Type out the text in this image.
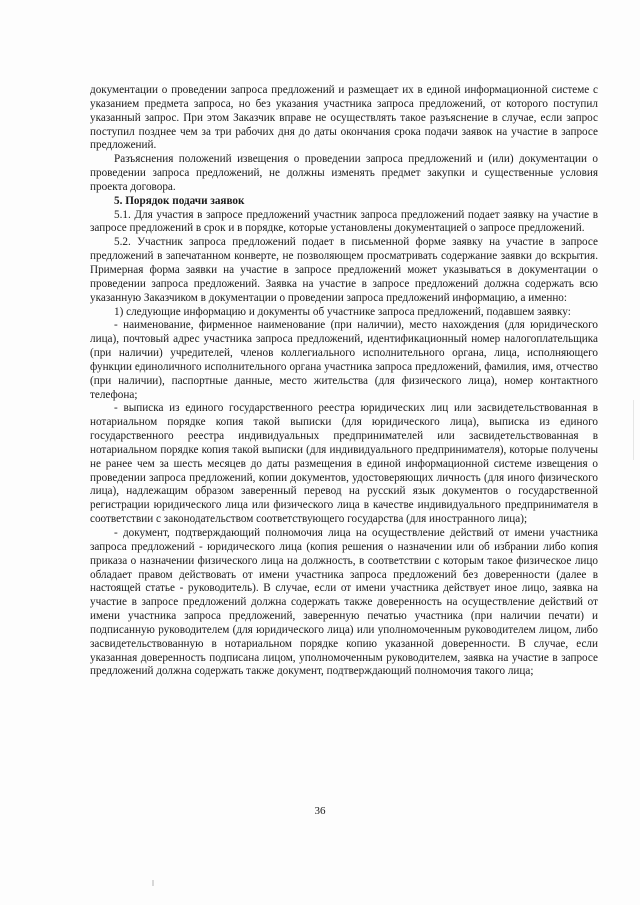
документации о проведении запроса предложений и размещает их в единой информационной системе с указанием предмета запроса, но без указания участника запроса предложений, от которого поступил указанный запрос. При этом Заказчик вправе не осуществлять такое разъяснение в случае, если запрос поступил позднее чем за три рабочих дня до даты окончания срока подачи заявок на участие в запросе предложений.

Разъяснения положений извещения о проведении запроса предложений и (или) документации о проведении запроса предложений, не должны изменять предмет закупки и существенные условия проекта договора.

5. Порядок подачи заявок

5.1. Для участия в запросе предложений участник запроса предложений подает заявку на участие в запросе предложений в срок и в порядке, которые установлены документацией о запросе предложений.

5.2. Участник запроса предложений подает в письменной форме заявку на участие в запросе предложений в запечатанном конверте, не позволяющем просматривать содержание заявки до вскрытия. Примерная форма заявки на участие в запросе предложений может указываться в документации о проведении запроса предложений. Заявка на участие в запросе предложений должна содержать всю указанную Заказчиком в документации о проведении запроса предложений информацию, а именно:

1) следующие информацию и документы об участнике запроса предложений, подавшем заявку:

- наименование, фирменное наименование (при наличии), место нахождения (для юридического лица), почтовый адрес участника запроса предложений, идентификационный номер налогоплательщика (при наличии) учредителей, членов коллегиального исполнительного органа, лица, исполняющего функции единоличного исполнительного органа участника запроса предложений, фамилия, имя, отчество (при наличии), паспортные данные, место жительства (для физического лица), номер контактного телефона;

- выписка из единого государственного реестра юридических лиц или засвидетельствованная в нотариальном порядке копия такой выписки (для юридического лица), выписка из единого государственного реестра индивидуальных предпринимателей или засвидетельствованная в нотариальном порядке копия такой выписки (для индивидуального предпринимателя), которые получены не ранее чем за шесть месяцев до даты размещения в единой информационной системе извещения о проведении запроса предложений, копии документов, удостоверяющих личность (для иного физического лица), надлежащим образом заверенный перевод на русский язык документов о государственной регистрации юридического лица или физического лица в качестве индивидуального предпринимателя в соответствии с законодательством соответствующего государства (для иностранного лица);

- документ, подтверждающий полномочия лица на осуществление действий от имени участника запроса предложений - юридического лица (копия решения о назначении или об избрании либо копия приказа о назначении физического лица на должность, в соответствии с которым такое физическое лицо обладает правом действовать от имени участника запроса предложений без доверенности (далее в настоящей статье - руководитель). В случае, если от имени участника действует иное лицо, заявка на участие в запросе предложений должна содержать также доверенность на осуществление действий от имени участника запроса предложений, заверенную печатью участника (при наличии печати) и подписанную руководителем (для юридического лица) или уполномоченным руководителем лицом, либо засвидетельствованную в нотариальном порядке копию указанной доверенности. В случае, если указанная доверенность подписана лицом, уполномоченным руководителем, заявка на участие в запросе предложений должна содержать также документ, подтверждающий полномочия такого лица;

36
